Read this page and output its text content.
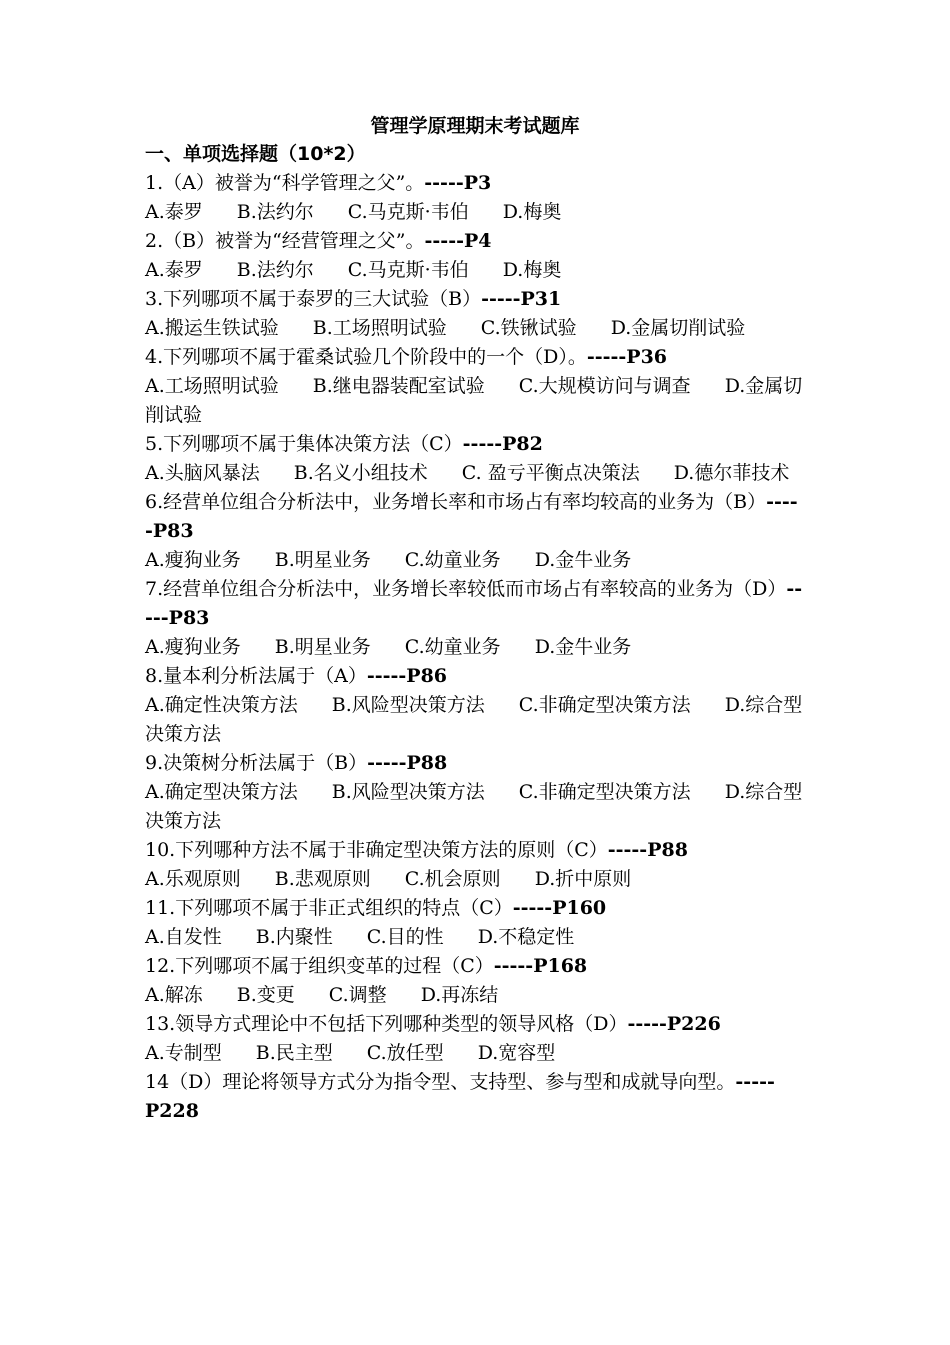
管理学原理期末考试题库
一、单项选择题（10*2）
1.（A）被誉为“科学管理之父”。-----P3
A.泰罗 B.法约尔 C.马克斯·韦伯 D.梅奥
2.（B）被誉为“经营管理之父”。-----P4
A.泰罗 B.法约尔 C.马克斯·韦伯 D.梅奥
3.下列哪项不属于泰罗的三大试验（B）-----P31
A.搬运生铁试验 B.工场照明试验 C.铁锹试验 D.金属切削试验
4.下列哪项不属于霍桑试验几个阶段中的一个（D）。-----P36
A.工场照明试验 B.继电器装配室试验 C.大规模访问与调查 D.金属切削试验
5.下列哪项不属于集体决策方法（C）-----P82
A.头脑风暴法 B.名义小组技术 C. 盈亏平衡点决策法 D.德尔菲技术
6.经营单位组合分析法中，业务增长率和市场占有率均较高的业务为（B）-----P83
A.瘦狗业务 B.明星业务 C.幼童业务 D.金牛业务
7.经营单位组合分析法中，业务增长率较低而市场占有率较高的业务为（D）-----P83
A.瘦狗业务 B.明星业务 C.幼童业务 D.金牛业务
8.量本利分析法属于（A）-----P86
A.确定性决策方法 B.风险型决策方法 C.非确定型决策方法 D.综合型决策方法
9.决策树分析法属于（B）-----P88
A.确定型决策方法 B.风险型决策方法 C.非确定型决策方法 D.综合型决策方法
10.下列哪种方法不属于非确定型决策方法的原则（C）-----P88
A.乐观原则 B.悲观原则 C.机会原则 D.折中原则
11.下列哪项不属于非正式组织的特点（C）-----P160
A.自发性 B.内聚性 C.目的性 D.不稳定性
12.下列哪项不属于组织变革的过程（C）-----P168
A.解冻 B.变更 C.调整 D.再冻结
13.领导方式理论中不包括下列哪种类型的领导风格（D）-----P226
A.专制型 B.民主型 C.放任型 D.宽容型
14（D）理论将领导方式分为指令型、支持型、参与型和成就导向型。-----P228
